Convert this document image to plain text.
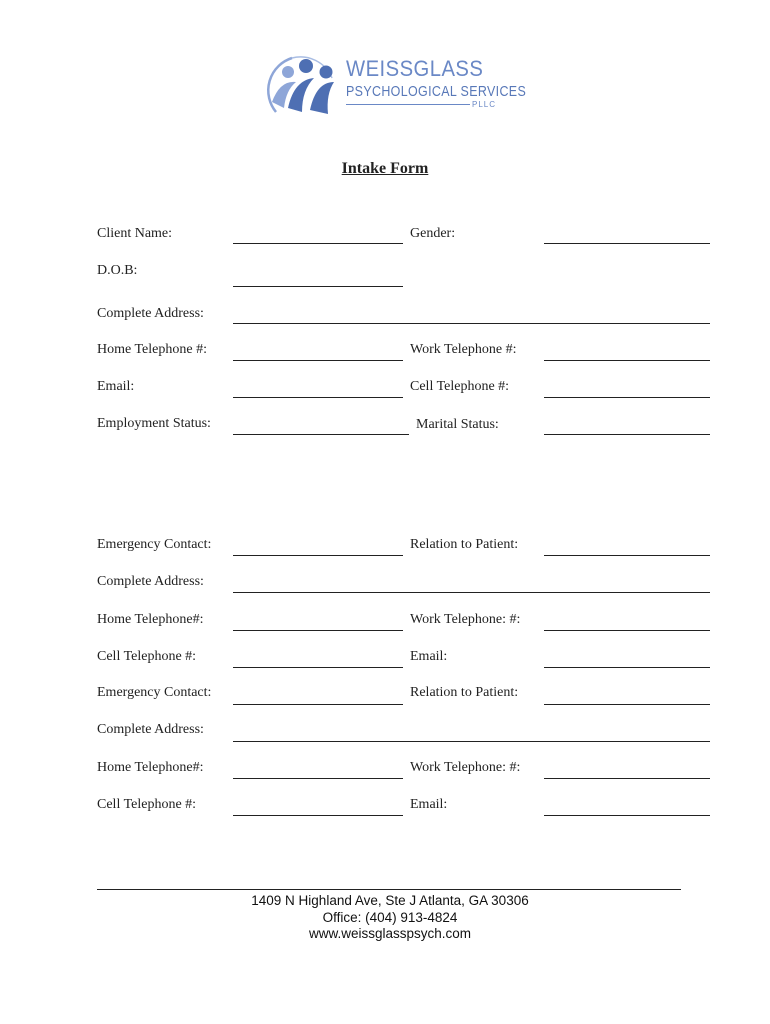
WEISSGLASS
PSYCHOLOGICAL SERVICES
PLLC
Intake Form
Client Name:	Gender:
D.O.B:
Complete Address:
Home Telephone #:	Work Telephone #:
Email:	Cell Telephone #:
Employment Status:	Marital Status:
Emergency Contact:	Relation to Patient:
Complete Address:
Home Telephone#:	Work Telephone: #:
Cell Telephone #:	Email:
Emergency Contact:	Relation to Patient:
Complete Address:
Home Telephone#:	Work Telephone: #:
Cell Telephone #:	Email:
1409 N Highland Ave, Ste J Atlanta, GA 30306
Office: (404) 913-4824
www.weissglasspsych.com
